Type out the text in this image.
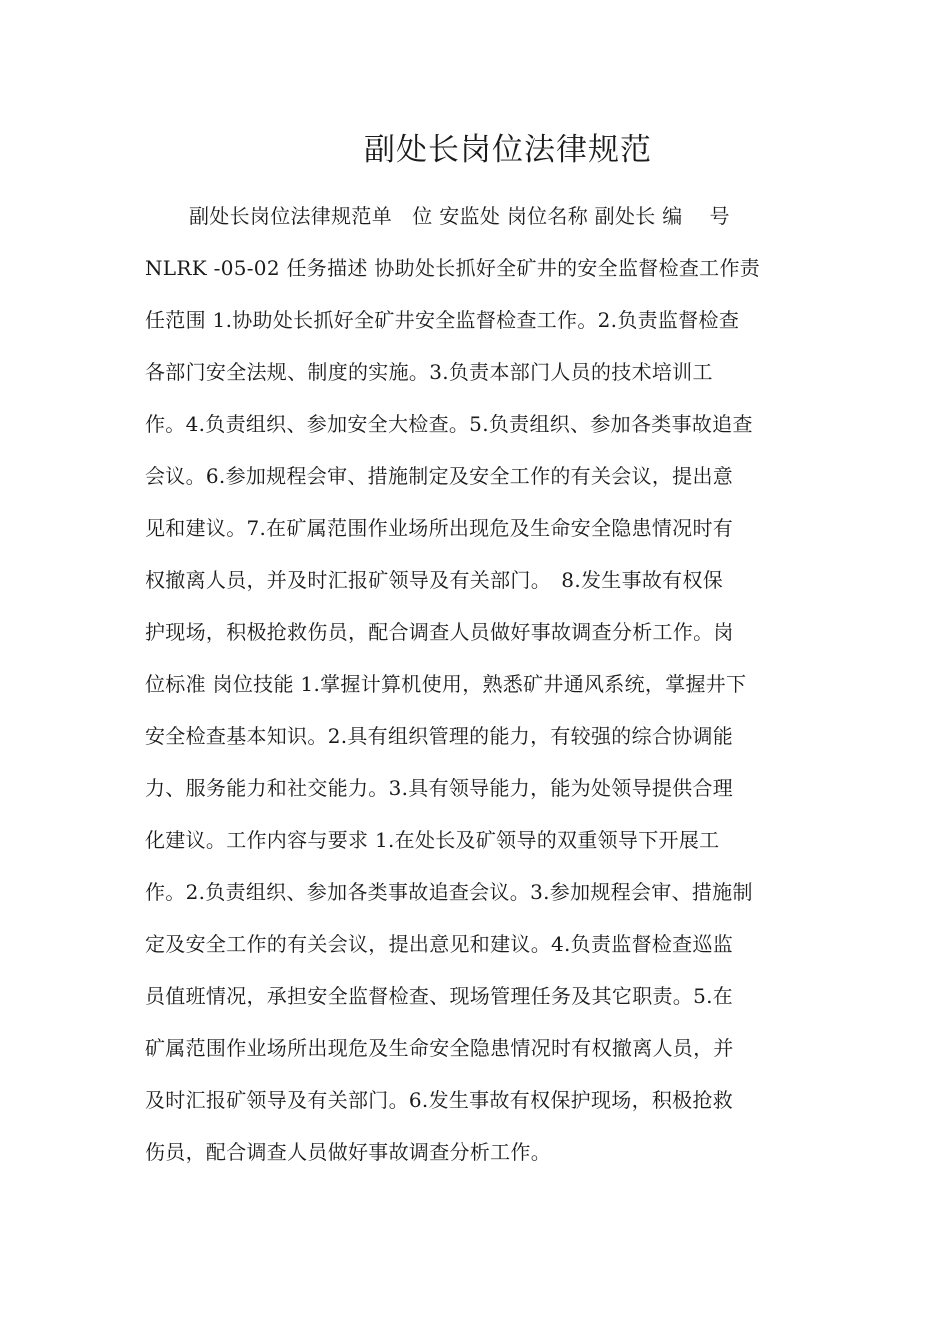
副处长岗位法律规范
副处长岗位法律规范单　位 安监处 岗位名称 副处长 编　 号
NLRK -05-02 任务描述 协助处长抓好全矿井的安全监督检查工作责
任范围 1.协助处长抓好全矿井安全监督检查工作。2.负责监督检查
各部门安全法规、制度的实施。3.负责本部门人员的技术培训工
作。4.负责组织、参加安全大检查。5.负责组织、参加各类事故追查
会议。6.参加规程会审、措施制定及安全工作的有关会议，提出意
见和建议。7.在矿属范围作业场所出现危及生命安全隐患情况时有
权撤离人员，并及时汇报矿领导及有关部门。　8.发生事故有权保
护现场，积极抢救伤员，配合调查人员做好事故调查分析工作。岗
位标准 岗位技能 1.掌握计算机使用，熟悉矿井通风系统，掌握井下
安全检查基本知识。2.具有组织管理的能力，有较强的综合协调能
力、服务能力和社交能力。3.具有领导能力，能为处领导提供合理
化建议。工作内容与要求 1.在处长及矿领导的双重领导下开展工
作。2.负责组织、参加各类事故追查会议。3.参加规程会审、措施制
定及安全工作的有关会议，提出意见和建议。4.负责监督检查巡监
员值班情况，承担安全监督检查、现场管理任务及其它职责。5.在
矿属范围作业场所出现危及生命安全隐患情况时有权撤离人员，并
及时汇报矿领导及有关部门。6.发生事故有权保护现场，积极抢救
伤员，配合调查人员做好事故调查分析工作。
